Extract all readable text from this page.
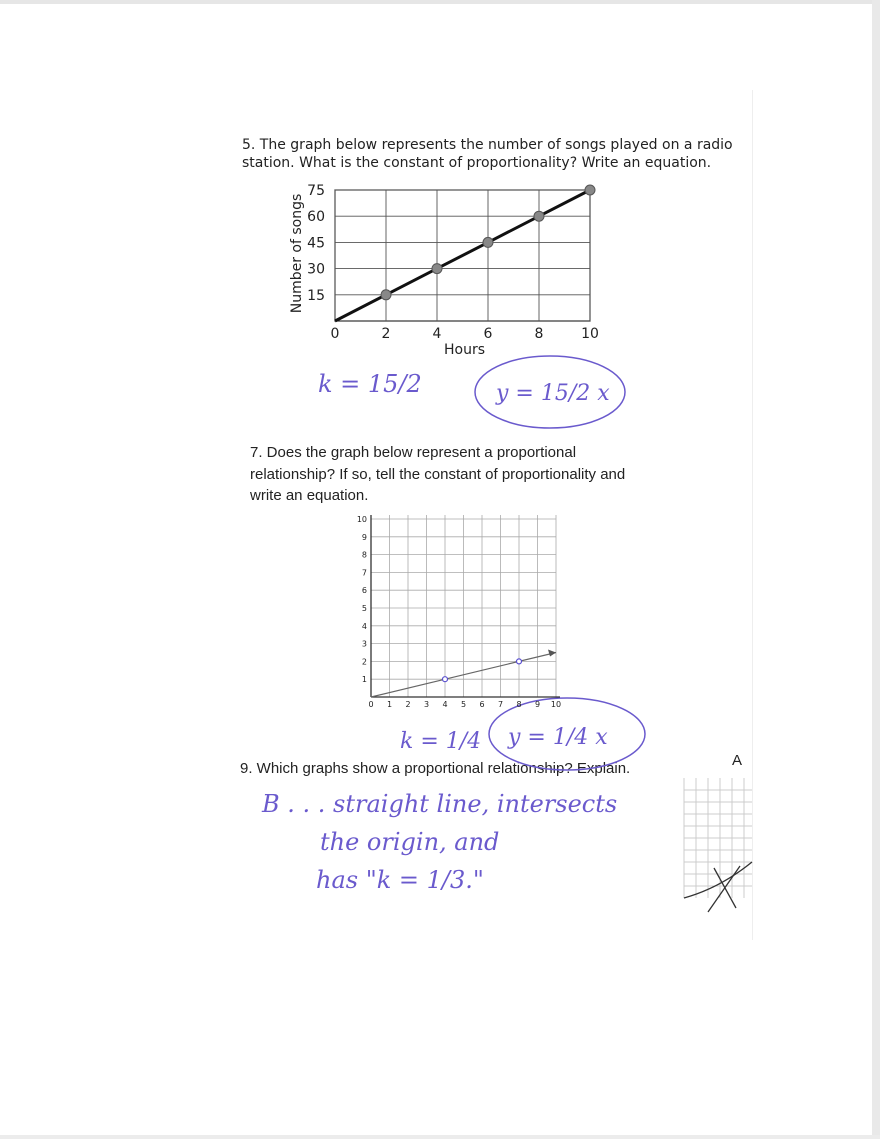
5. The graph below represents the number of songs played on a radio station. What is the constant of proportionality? Write an equation.
0	2	4	6	8	10
15
30
45
60
75
Hours
Number of songs
7. Does the graph below represent a proportional relationship? If so, tell the constant of proportionality and write an equation.
9. Which graphs show a proportional relationship? Explain.	A
k = 15/2	y = 15/2 x
k = 1/4 y = 1/4 x
B . . . straight line, intersects
the origin, and
has "k = 1/3."
0 1 2 3 4 5 6 7 8 9 10
1
2
3
4
5
6
7
8
9
10
